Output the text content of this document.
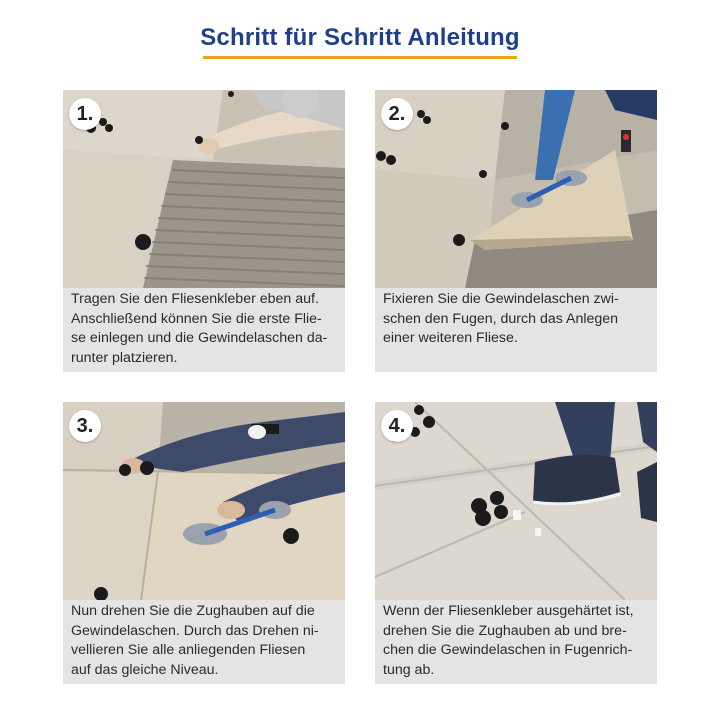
Schritt für Schritt Anleitung
1.
Tragen Sie den Fliesenkleber eben auf.
Anschließend können Sie die erste Flie-
se einlegen und die Gewindelaschen da-
runter platzieren.
2.
Fixieren Sie die Gewindelaschen zwi-
schen den Fugen, durch das Anlegen
einer weiteren Fliese.
3.
Nun drehen Sie die Zughauben auf die
Gewindelaschen. Durch das Drehen ni-
vellieren Sie alle anliegenden Fliesen
auf das gleiche Niveau.
4.
Wenn der Fliesenkleber ausgehärtet ist,
drehen Sie die Zughauben ab und bre-
chen die Gewindelaschen in Fugenrich-
tung ab.
